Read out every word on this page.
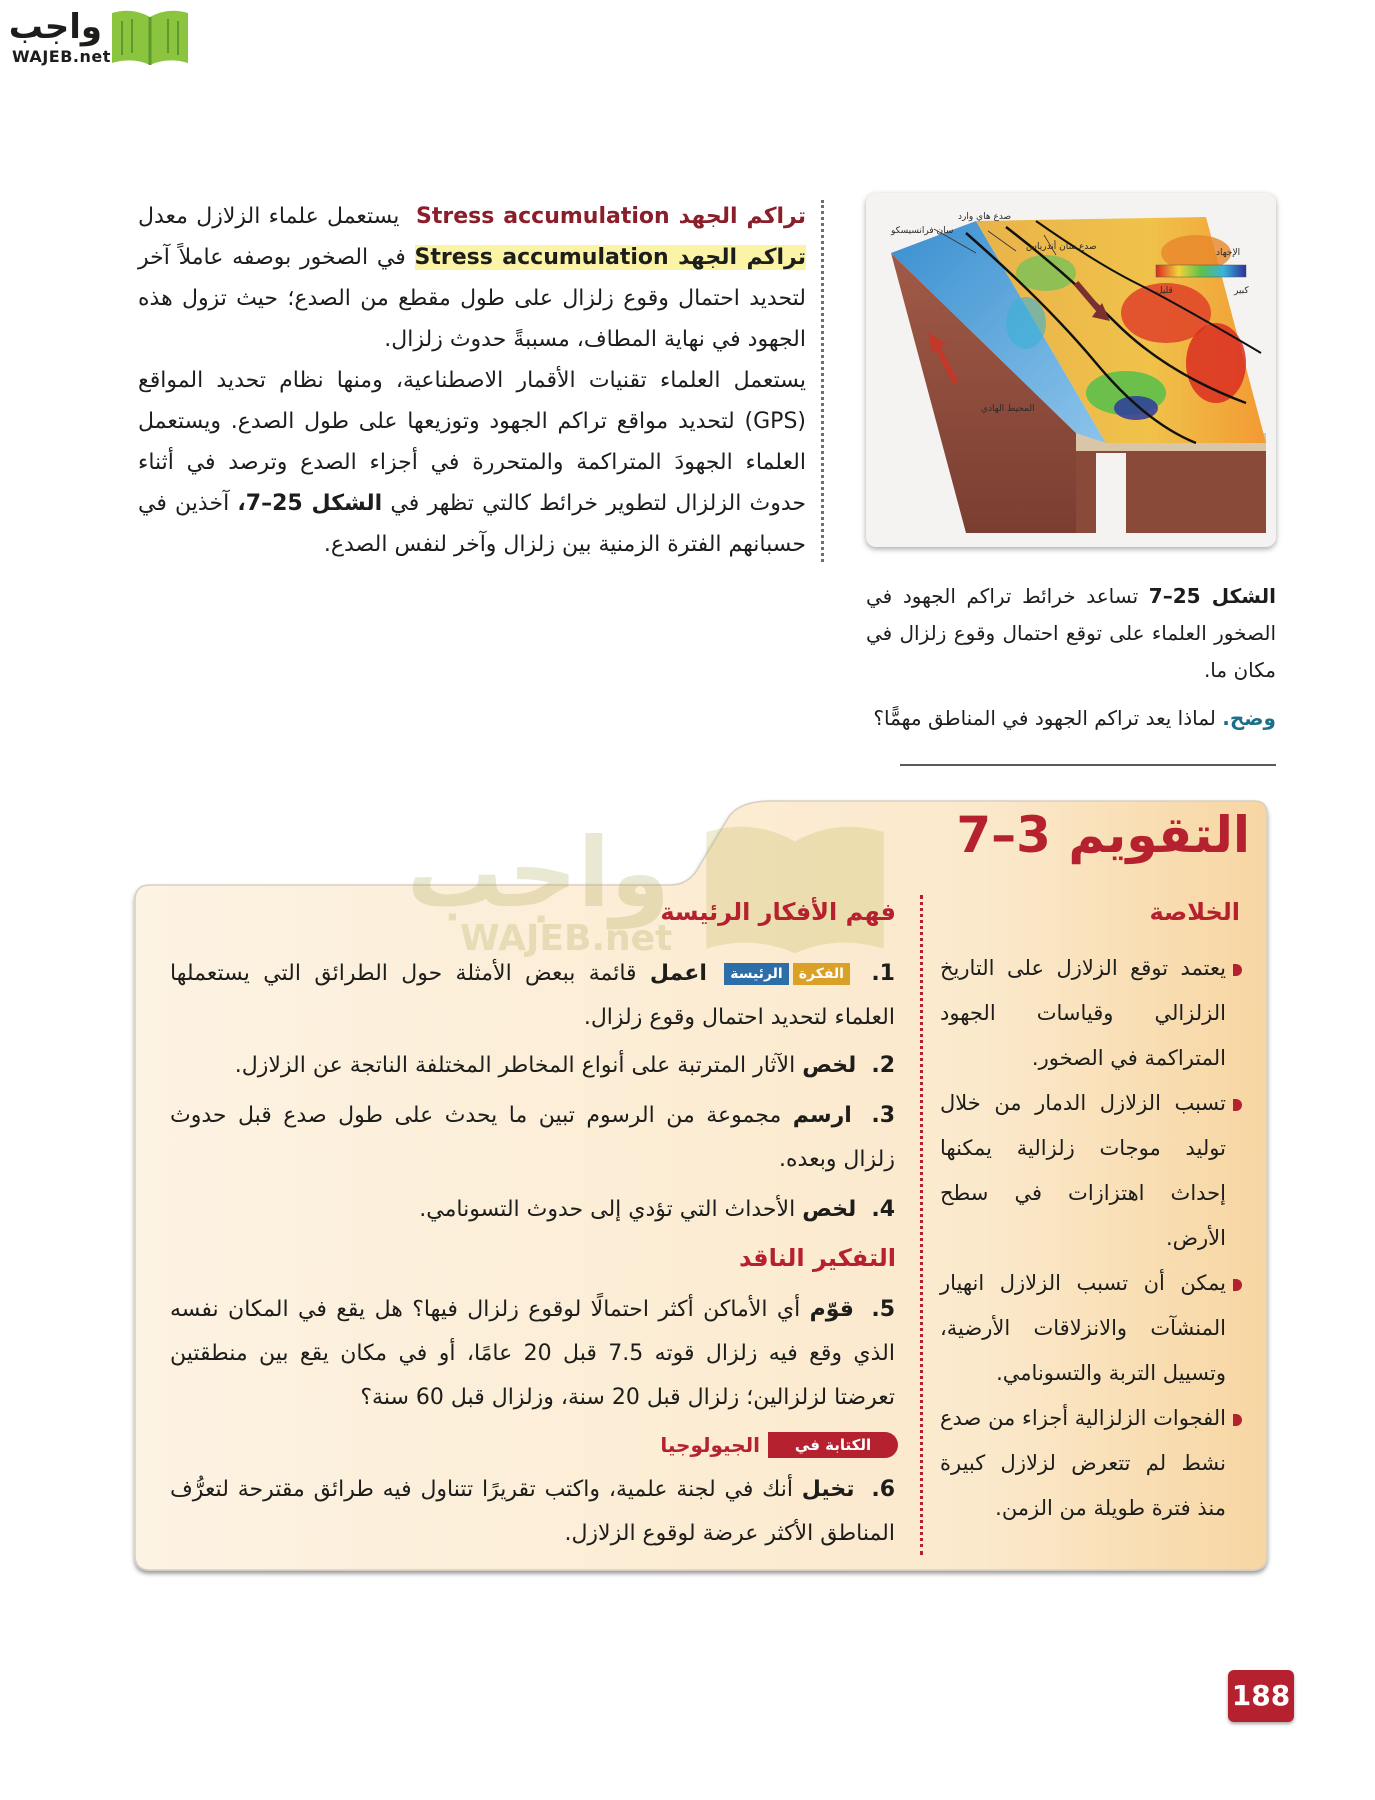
واجب
WAJEB.net

تراكم الجهد Stress accumulation  يستعمل علماء الزلازل معدل تراكم الجهد Stress accumulation في الصخور بوصفه عاملاً آخر لتحديد احتمال وقوع زلزال على طول مقطع من الصدع؛ حيث تزول هذه الجهود في نهاية المطاف، مسببةً حدوث زلزال.

يستعمل العلماء تقنيات الأقمار الاصطناعية، ومنها نظام تحديد المواقع (GPS) لتحديد مواقع تراكم الجهود وتوزيعها على طول الصدع. ويستعمل العلماء الجهودَ المتراكمة والمتحررة في أجزاء الصدع وترصد في أثناء حدوث الزلزال لتطوير خرائط كالتي تظهر في الشكل 25–7، آخذين في حسبانهم الفترة الزمنية بين زلزال وآخر لنفس الصدع.

صدع هاي وارد
سان فرانسيسكو
صدع سان أندرياس
المحيط الهادي
الإجهاد
كبير
قليل
الشكل 25–7 تساعد خرائط تراكم الجهود في الصخور العلماء على توقع احتمال وقوع زلزال في مكان ما.
وضح. لماذا يعد تراكم الجهود في المناطق مهمًّا؟
واجب
WAJEB.net
التقويم 3–7
الخلاصة
يعتمد توقع الزلازل على التاريخ الزلزالي وقياسات الجهود المتراكمة في الصخور.
تسبب الزلازل الدمار من خلال توليد موجات زلزالية يمكنها إحداث اهتزازات في سطح الأرض.
يمكن أن تسبب الزلازل انهيار المنشآت والانزلاقات الأرضية، وتسييل التربة والتسونامي.
الفجوات الزلزالية أجزاء من صدع نشط لم تتعرض لزلازل كبيرة منذ فترة طويلة من الزمن.
فهم الأفكار الرئيسة
1. الفكرةالرئيسة اعمل قائمة ببعض الأمثلة حول الطرائق التي يستعملها العلماء لتحديد احتمال وقوع زلزال.
2. لخص الآثار المترتبة على أنواع المخاطر المختلفة الناتجة عن الزلازل.
3. ارسم مجموعة من الرسوم تبين ما يحدث على طول صدع قبل حدوث زلزال وبعده.
4. لخص الأحداث التي تؤدي إلى حدوث التسونامي.
التفكير الناقد
5. قوّم أي الأماكن أكثر احتمالًا لوقوع زلزال فيها؟ هل يقع في المكان نفسه الذي وقع فيه زلزال قوته 7.5 قبل 20 عامًا، أو في مكان يقع بين منطقتين تعرضتا لزلزالين؛ زلزال قبل 20 سنة، وزلزال قبل 60 سنة؟
الكتابة في
الجيولوجيا
6. تخيل أنك في لجنة علمية، واكتب تقريرًا تتناول فيه طرائق مقترحة لتعرُّف المناطق الأكثر عرضة لوقوع الزلازل.
188
